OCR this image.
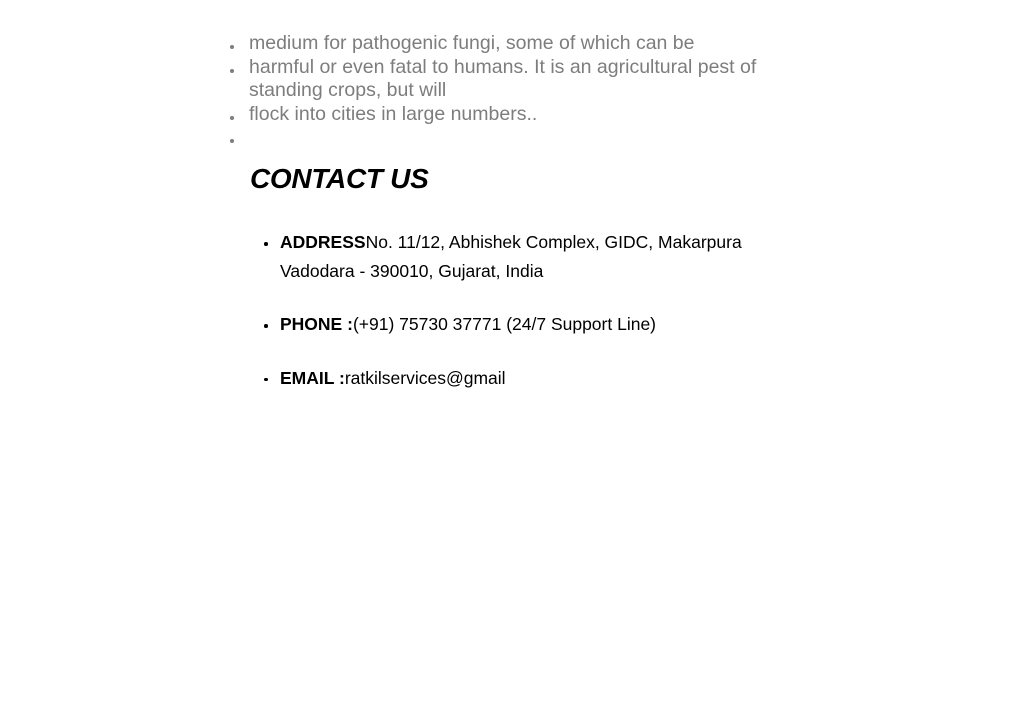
medium for pathogenic fungi, some of which can be
harmful or even fatal to humans. It is an agricultural pest of standing crops, but will
flock into cities in large numbers..
CONTACT US
ADDRESSNo. 11/12, Abhishek Complex, GIDC, Makarpura Vadodara - 390010, Gujarat, India
PHONE :(+91) 75730 37771 (24/7 Support Line)
EMAIL :ratkilservices@gmail
